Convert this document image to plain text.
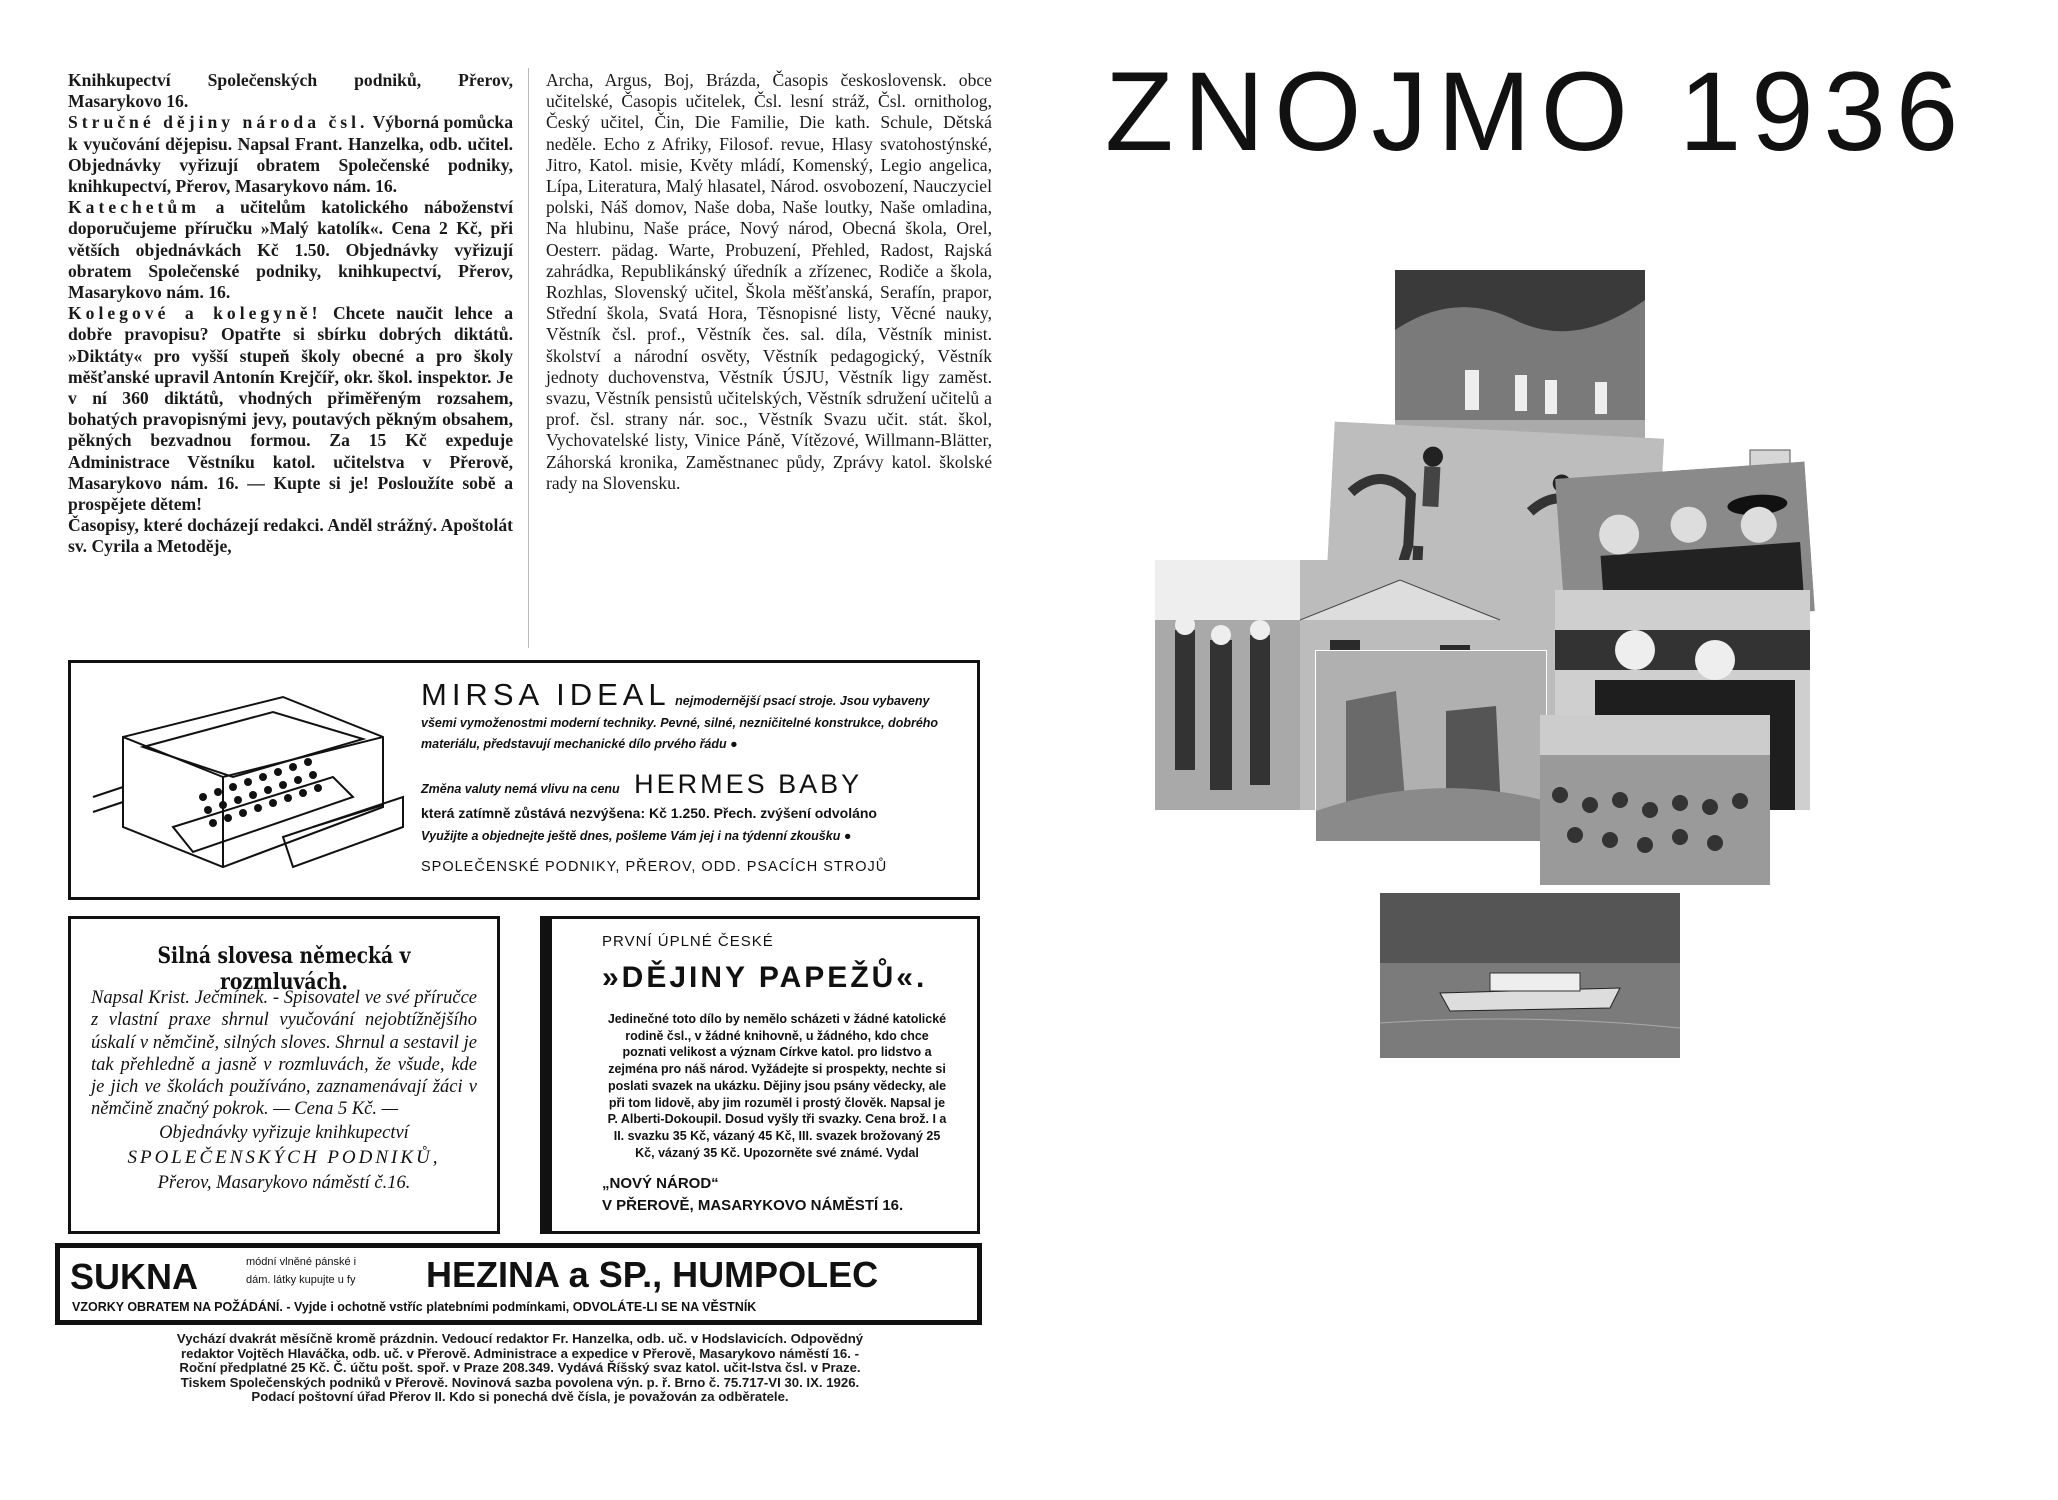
Knihkupectví Společenských podniků, Přerov, Masarykovo 16.

Stručné dějiny národa čsl. Výborná pomůcka k vyučování dějepisu. Napsal Frant. Hanzelka, odb. učitel. Objednávky vyřizují obratem Společenské podniky, knihkupectví, Přerov, Masarykovo nám. 16.

Katechetům a učitelům katolického náboženství doporučujeme příručku »Malý katolík«. Cena 2 Kč, při větších objednávkách Kč 1.50. Objednávky vyřizují obratem Společenské podniky, knihkupectví, Přerov, Masarykovo nám. 16.

Kolegové a kolegyně! Chcete naučit lehce a dobře pravopisu? Opatřte si sbírku dobrých diktátů. »Diktáty« pro vyšší stupeň školy obecné a pro školy měšťanské upravil Antonín Krejčíř, okr. škol. inspektor. Je v ní 360 diktátů, vhodných přiměřeným rozsahem, bohatých pravopisnými jevy, poutavých pěkným obsahem, pěkných bezvadnou formou. Za 15 Kč expeduje Administrace Věstníku katol. učitelstva v Přerově, Masarykovo nám. 16. — Kupte si je! Posloužíte sobě a prospějete dětem!

Časopisy, které docházejí redakci. Anděl strážný. Apoštolát sv. Cyrila a Metoděje,

Archa, Argus, Boj, Brázda, Časopis československ. obce učitelské, Časopis učitelek, Čsl. lesní stráž, Čsl. ornitholog, Český učitel, Čin, Die Familie, Die kath. Schule, Dětská neděle. Echo z Afriky, Filosof. revue, Hlasy svatohostýnské, Jitro, Katol. misie, Květy mládí, Komenský, Legio angelica, Lípa, Literatura, Malý hlasatel, Národ. osvobození, Nauczyciel polski, Náš domov, Naše doba, Naše loutky, Naše omladina, Na hlubinu, Naše práce, Nový národ, Obecná škola, Orel, Oesterr. pädag. Warte, Probuzení, Přehled, Radost, Rajská zahrádka, Republikánský úředník a zřízenec, Rodiče a škola, Rozhlas, Slovenský učitel, Škola měšťanská, Serafín, prapor, Střední škola, Svatá Hora, Těsnopisné listy, Věcné nauky, Věstník čsl. prof., Věstník čes. sal. díla, Věstník minist. školství a národní osvěty, Věstník pedagogický, Věstník jednoty duchovenstva, Věstník ÚSJU, Věstník ligy zaměst. svazu, Věstník pensistů učitelských, Věstník sdružení učitelů a prof. čsl. strany nár. soc., Věstník Svazu učit. stát. škol, Vychovatelské listy, Vinice Páně, Vítězové, Willmann-Blätter, Záhorská kronika, Zaměstnanec půdy, Zprávy katol. školské rady na Slovensku.

MIRSA IDEAL nejmodernější psací stroje. Jsou vybaveny všemi vymoženostmi moderní techniky. Pevné, silné, nezničitelné konstrukce, dobrého materiálu, představují mechanické dílo prvého řádu ●
Změna valuty nemá vlivu na cenu HERMES BABY
která zatímně zůstává nezvýšena: Kč 1.250. Přech. zvýšení odvoláno
Využijte a objednejte ještě dnes, pošleme Vám jej i na týdenní zkoušku ●
SPOLEČENSKÉ PODNIKY, PŘEROV, ODD. PSACÍCH STROJŮ
Silná slovesa německá v rozmluvách.
Napsal Krist. Ječmínek. - Spisovatel ve své příručce z vlastní praxe shrnul vyučování nejobtížnějšího úskalí v němčině, silných sloves. Shrnul a sestavil je tak přehledně a jasně v rozmluvách, že všude, kde je jich ve školách používáno, zaznamenávají žáci v němčině značný pokrok. — Cena 5 Kč. —
Objednávky vyřizuje knihkupectví
SPOLEČENSKÝCH PODNIKŮ,
Přerov, Masarykovo náměstí č.16.
PRVNÍ ÚPLNÉ ČESKÉ
»DĚJINY PAPEŽŮ«.
Jedinečné toto dílo by nemělo scházeti v žádné katolické rodině čsl., v žádné knihovně, u žádného, kdo chce poznati velikost a význam Církve katol. pro lidstvo a zejména pro náš národ. Vyžádejte si prospekty, nechte si poslati svazek na ukázku. Dějiny jsou psány vědecky, ale při tom lidově, aby jim rozuměl i prostý člověk. Napsal je P. Alberti-Dokoupil. Dosud vyšly tři svazky. Cena brož. I a II. svazku 35 Kč, vázaný 45 Kč, III. svazek brožovaný 25 Kč, vázaný 35 Kč. Upozorněte své známé. Vydal
„NOVÝ NÁROD“
V PŘEROVĚ, MASARYKOVO NÁMĚSTÍ 16.
SUKNA	módní vlněné pánské i
dám. látky kupujte u fy HEZINA a SP., HUMPOLEC
VZORKY OBRATEM NA POŽÁDÁNÍ. - Vyjde i ochotně vstříc platebními podmínkami, ODVOLÁTE-LI SE NA VĚSTNÍK
Vychází dvakrát měsíčně kromě prázdnin. Vedoucí redaktor Fr. Hanzelka, odb. uč. v Hodslavicích. Odpovědný
redaktor Vojtěch Hlaváčka, odb. uč. v Přerově. Administrace a expedice v Přerově, Masarykovo náměstí 16. -
Roční předplatné 25 Kč. Č. účtu pošt. spoř. v Praze 208.349. Vydává Říšský svaz katol. učit-lstva čsl. v Praze.
Tiskem Společenských podniků v Přerově. Novinová sazba povolena výn. p. ř. Brno č. 75.717-VI 30. IX. 1926.
Podací poštovní úřad Přerov II. Kdo si ponechá dvě čísla, je považován za odběratele.
ZNOJMO 1936
